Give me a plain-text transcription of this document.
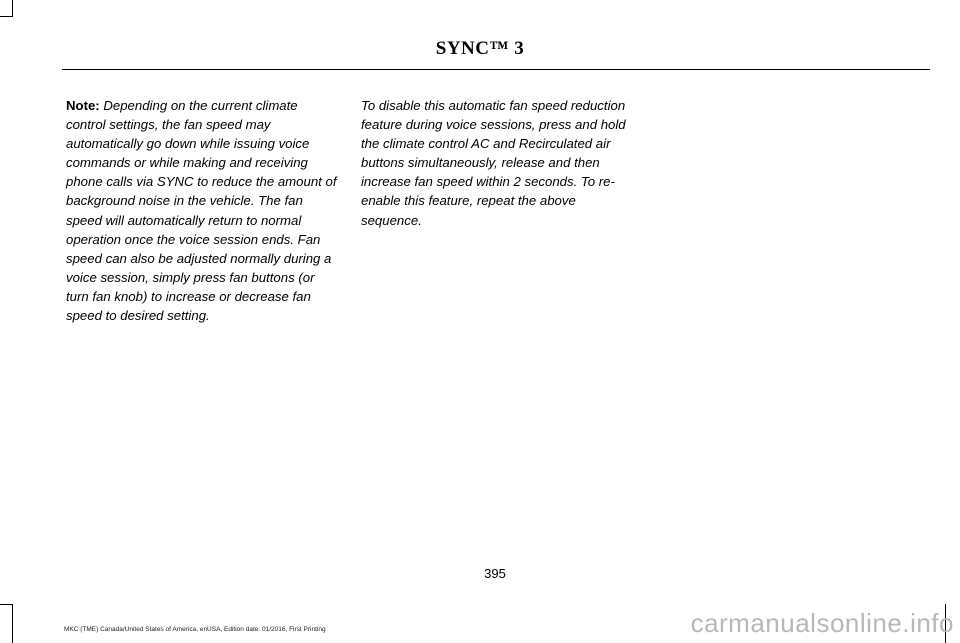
SYNC™ 3
Note: Depending on the current climate control settings, the fan speed may automatically go down while issuing voice commands or while making and receiving phone calls via SYNC to reduce the amount of background noise in the vehicle. The fan speed will automatically return to normal operation once the voice session ends. Fan speed can also be adjusted normally during a voice session, simply press fan buttons (or turn fan knob) to increase or decrease fan speed to desired setting.
To disable this automatic fan speed reduction feature during voice sessions, press and hold the climate control AC and Recirculated air buttons simultaneously, release and then increase fan speed within 2 seconds. To re-enable this feature, repeat the above sequence.
395
MKC (TME) Canada/United States of America, enUSA, Edition date: 01/2016, First Printing	carmanualsonline.info
